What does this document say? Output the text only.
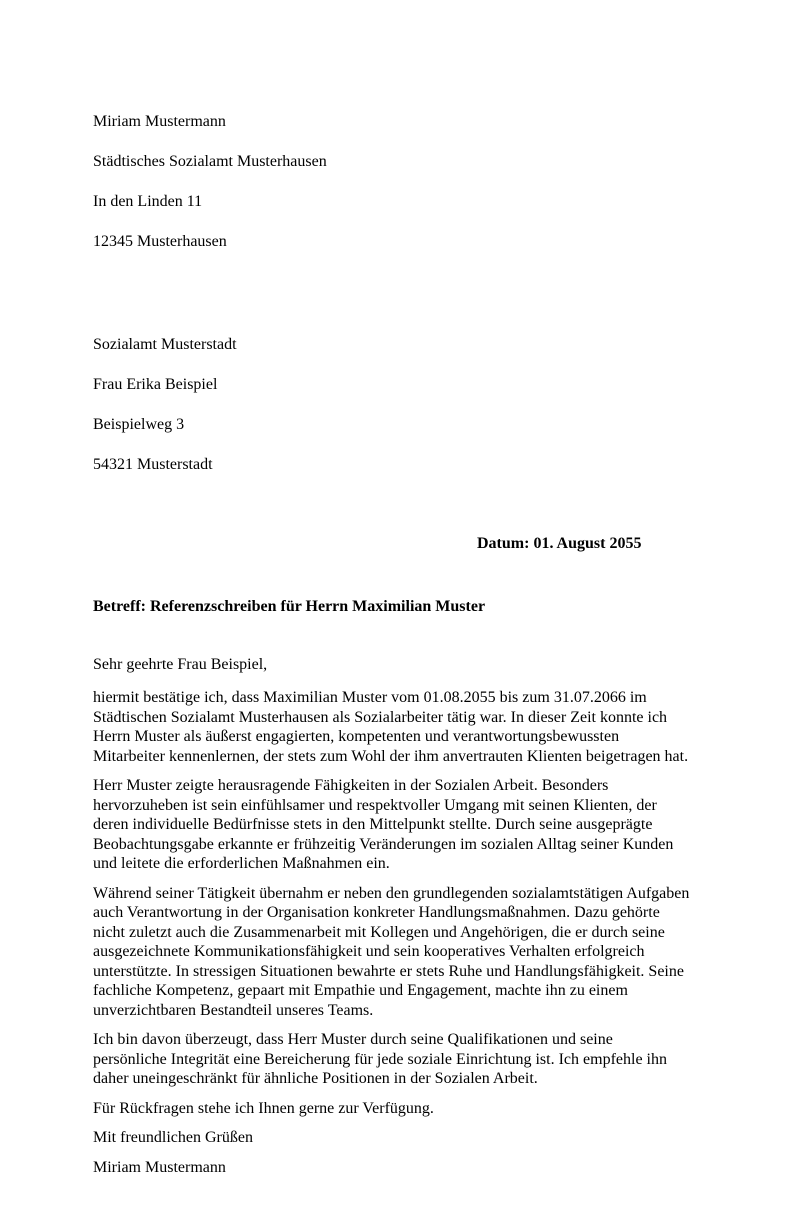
Miriam Mustermann

Städtisches Sozialamt Musterhausen

In den Linden 11

12345 Musterhausen

Sozialamt Musterstadt

Frau Erika Beispiel

Beispielweg 3

54321 Musterstadt

Datum: 01. August 2055
Betreff: Referenzschreiben für Herrn Maximilian Muster

Sehr geehrte Frau Beispiel,

hiermit bestätige ich, dass Maximilian Muster vom 01.08.2055 bis zum 31.07.2066 im Städtischen Sozialamt Musterhausen als Sozialarbeiter tätig war. In dieser Zeit konnte ich Herrn Muster als äußerst engagierten, kompetenten und verantwortungsbewussten Mitarbeiter kennenlernen, der stets zum Wohl der ihm anvertrauten Klienten beigetragen hat.

Herr Muster zeigte herausragende Fähigkeiten in der Sozialen Arbeit. Besonders hervorzuheben ist sein einfühlsamer und respektvoller Umgang mit seinen Klienten, der deren individuelle Bedürfnisse stets in den Mittelpunkt stellte. Durch seine ausgeprägte Beobachtungsgabe erkannte er frühzeitig Veränderungen im sozialen Alltag seiner Kunden und leitete die erforderlichen Maßnahmen ein.

Während seiner Tätigkeit übernahm er neben den grundlegenden sozialamtstätigen Aufgaben auch Verantwortung in der Organisation konkreter Handlungsmaßnahmen. Dazu gehörte nicht zuletzt auch die Zusammenarbeit mit Kollegen und Angehörigen, die er durch seine ausgezeichnete Kommunikationsfähigkeit und sein kooperatives Verhalten erfolgreich unterstützte. In stressigen Situationen bewahrte er stets Ruhe und Handlungsfähigkeit. Seine fachliche Kompetenz, gepaart mit Empathie und Engagement, machte ihn zu einem unverzichtbaren Bestandteil unseres Teams.

Ich bin davon überzeugt, dass Herr Muster durch seine Qualifikationen und seine persönliche Integrität eine Bereicherung für jede soziale Einrichtung ist. Ich empfehle ihn daher uneingeschränkt für ähnliche Positionen in der Sozialen Arbeit.

Für Rückfragen stehe ich Ihnen gerne zur Verfügung.

Mit freundlichen Grüßen

Miriam Mustermann
